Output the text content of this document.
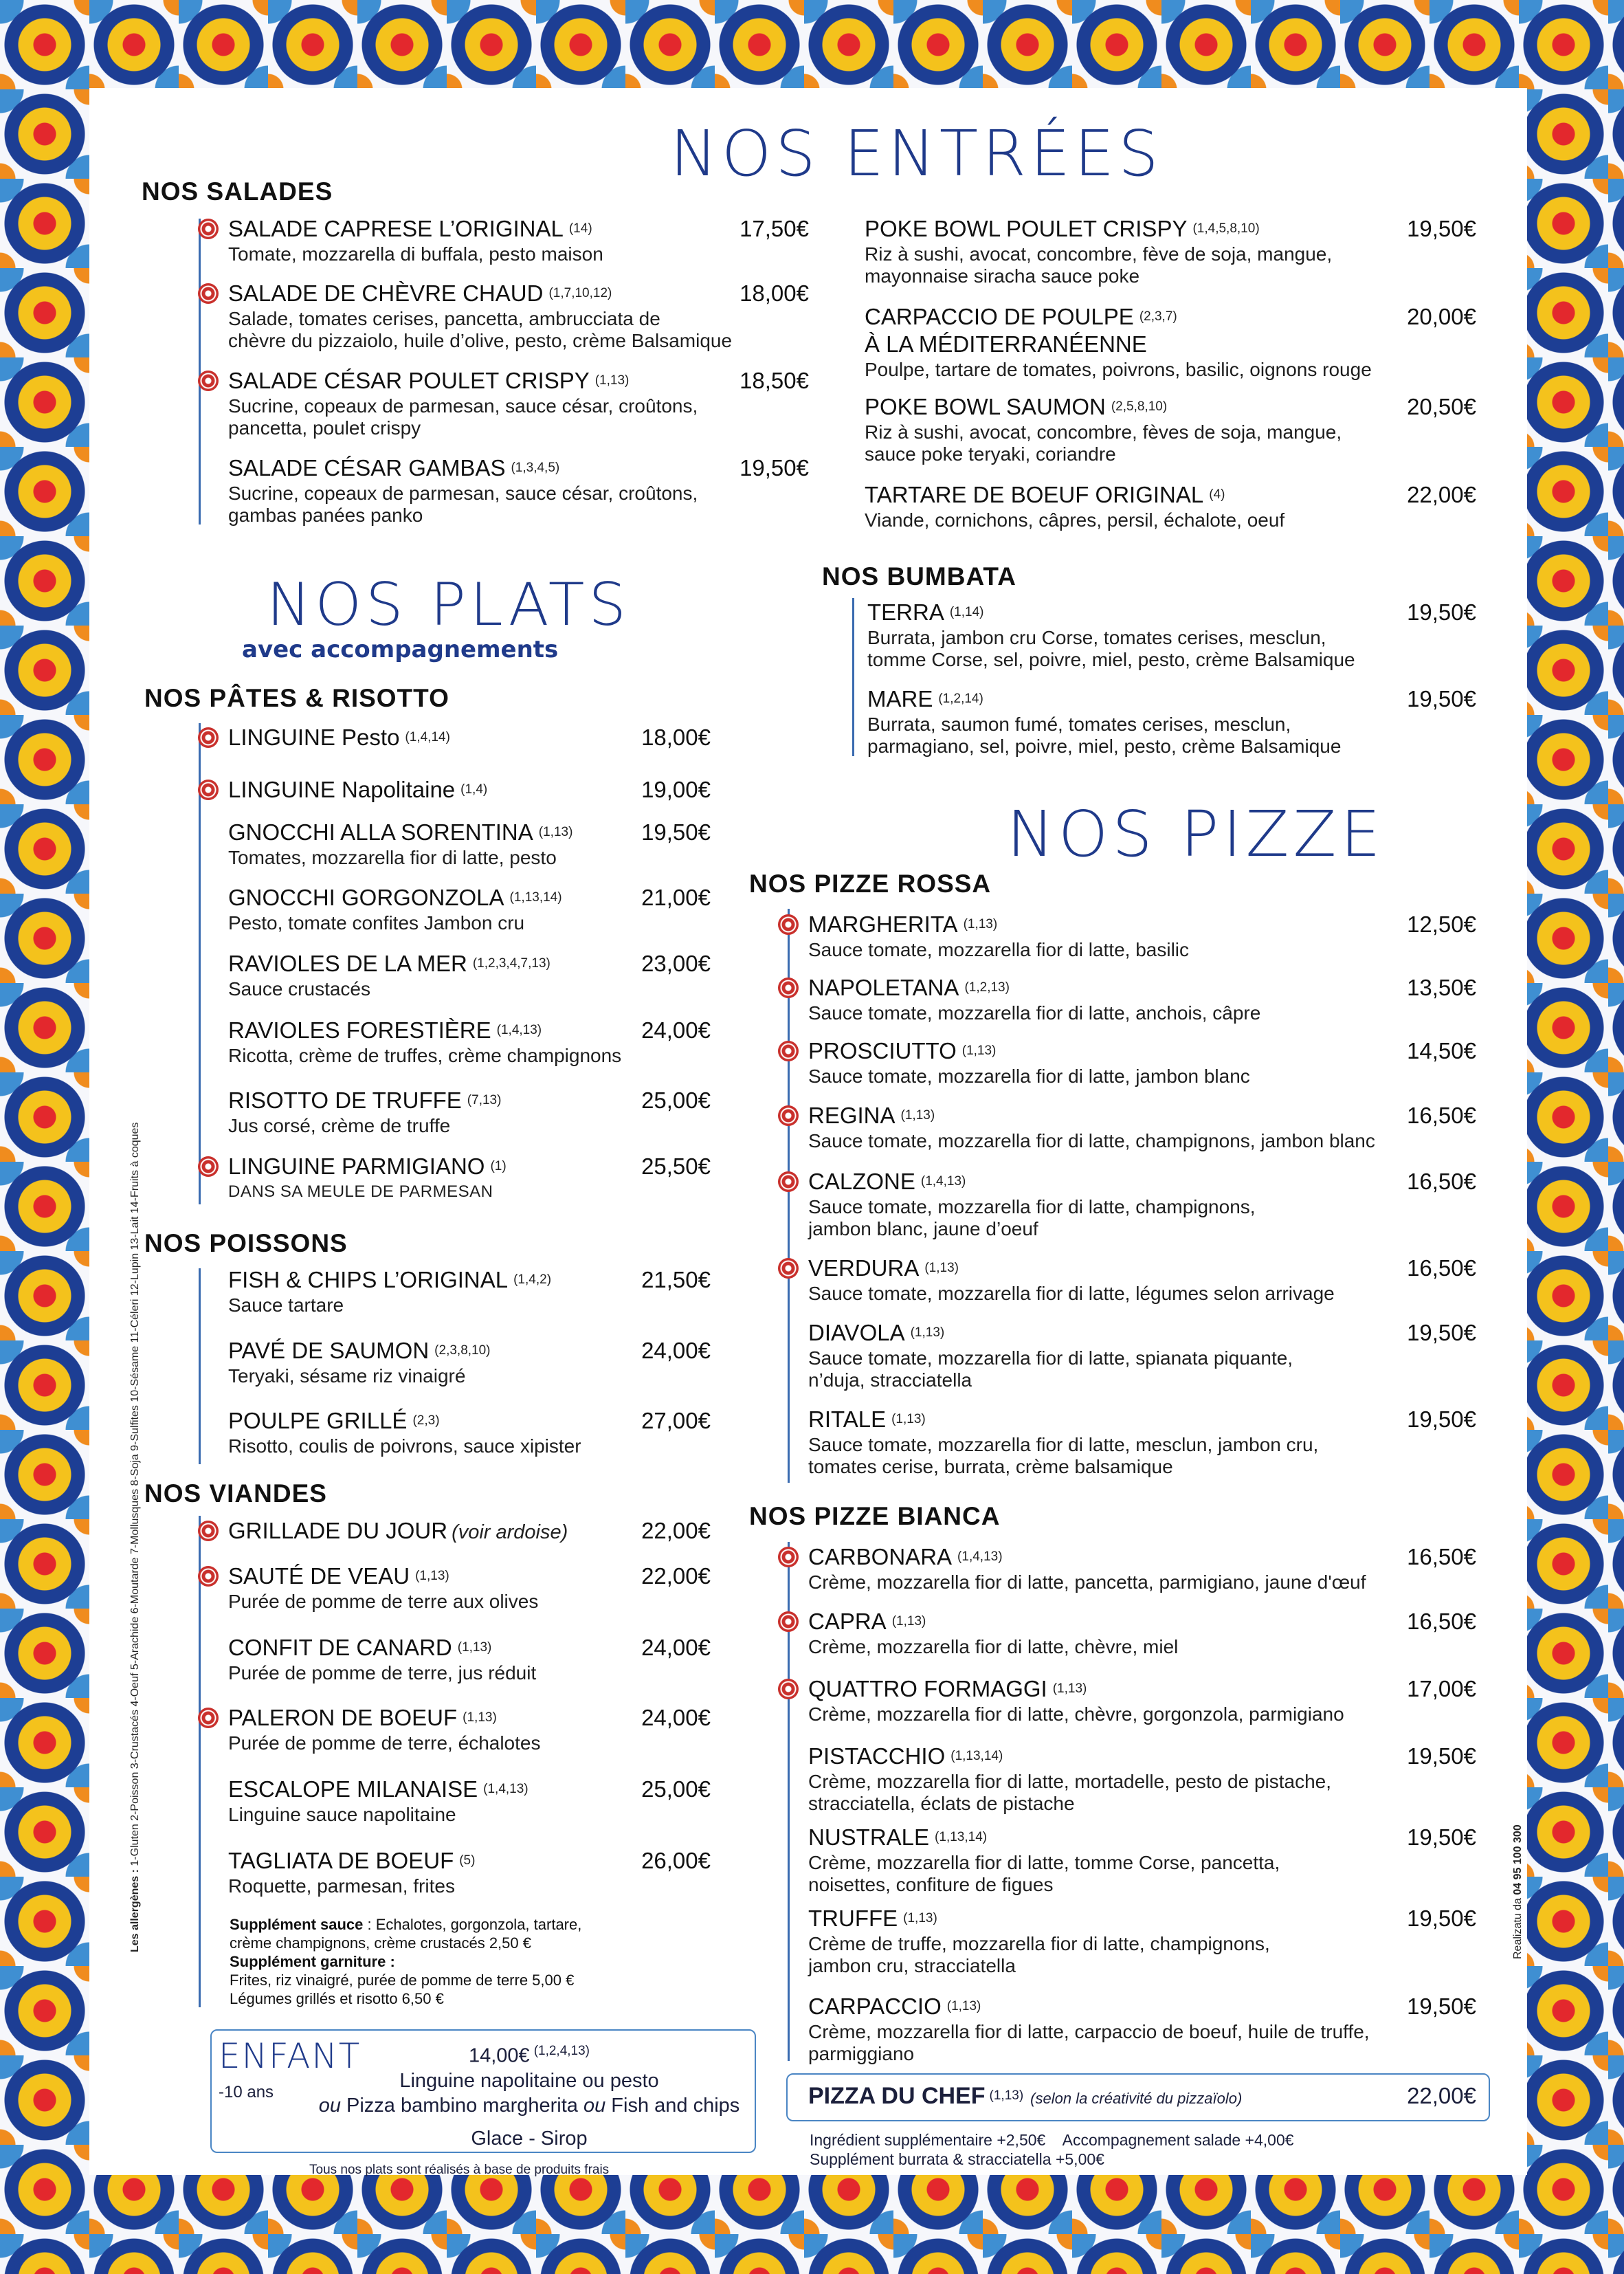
NOS ENTRÉES
NOS PLATS
avec accompagnements
NOS PIZZE
NOS SALADES
NOS BUMBATA
NOS PÂTES & RISOTTO
NOS POISSONS
NOS VIANDES
NOS PIZZE ROSSA
NOS PIZZE BIANCA
SALADE CAPRESE L’ORIGINAL (14)	17,50€
Tomate, mozzarella di buffala, pesto maison
SALADE DE CHÈVRE CHAUD (1,7,10,12)	18,00€
Salade, tomates cerises, pancetta, ambrucciata de
chèvre du pizzaiolo, huile d’olive, pesto, crème Balsamique
SALADE CÉSAR POULET CRISPY (1,13)	18,50€
Sucrine, copeaux de parmesan, sauce césar, croûtons,
pancetta, poulet crispy
SALADE CÉSAR GAMBAS (1,3,4,5)	19,50€
Sucrine, copeaux de parmesan, sauce césar, croûtons,
gambas panées panko
POKE BOWL POULET CRISPY (1,4,5,8,10)	19,50€
Riz à sushi, avocat, concombre, fève de soja, mangue,
mayonnaise siracha sauce poke
CARPACCIO DE POULPE (2,3,7)	20,00€
À LA MÉDITERRANÉENNE
Poulpe, tartare de tomates, poivrons, basilic, oignons rouge
POKE BOWL SAUMON (2,5,8,10)	20,50€
Riz à sushi, avocat, concombre, fèves de soja, mangue,
sauce poke teryaki, coriandre
TARTARE DE BOEUF ORIGINAL (4)	22,00€
Viande, cornichons, câpres, persil, échalote, oeuf
TERRA (1,14)	19,50€
Burrata, jambon cru Corse, tomates cerises, mesclun,
tomme Corse, sel, poivre, miel, pesto, crème Balsamique
MARE (1,2,14)	19,50€
Burrata, saumon fumé, tomates cerises, mesclun,
parmagiano, sel, poivre, miel, pesto, crème Balsamique
LINGUINE Pesto (1,4,14)	18,00€
LINGUINE Napolitaine (1,4)	19,00€
GNOCCHI ALLA SORENTINA (1,13)	19,50€
Tomates, mozzarella fior di latte, pesto
GNOCCHI GORGONZOLA (1,13,14)	21,00€
Pesto, tomate confites Jambon cru
RAVIOLES DE LA MER (1,2,3,4,7,13)	23,00€
Sauce crustacés
RAVIOLES FORESTIÈRE (1,4,13)	24,00€
Ricotta, crème de truffes, crème champignons
RISOTTO DE TRUFFE (7,13)	25,00€
Jus corsé, crème de truffe
LINGUINE PARMIGIANO (1)	25,50€
DANS SA MEULE DE PARMESAN
FISH & CHIPS L’ORIGINAL (1,4,2)	21,50€
Sauce tartare
PAVÉ DE SAUMON (2,3,8,10)	24,00€
Teryaki, sésame riz vinaigré
POULPE GRILLÉ (2,3)	27,00€
Risotto, coulis de poivrons, sauce xipister
GRILLADE DU JOUR (voir ardoise)	22,00€
SAUTÉ DE VEAU (1,13)	22,00€
Purée de pomme de terre aux olives
CONFIT DE CANARD (1,13)	24,00€
Purée de pomme de terre, jus réduit
PALERON DE BOEUF (1,13)	24,00€
Purée de pomme de terre, échalotes
ESCALOPE MILANAISE (1,4,13)	25,00€
Linguine sauce napolitaine
TAGLIATA DE BOEUF (5)	26,00€
Roquette, parmesan, frites
Supplément sauce : Echalotes, gorgonzola, tartare,
crème champignons, crème crustacés 2,50 €
Supplément garniture :
Frites, riz vinaigré, purée de pomme de terre 5,00 €
Légumes grillés et risotto 6,50 €
ENFANT
-10 ans
14,00€ $^{(1,2,4,13)}$
Linguine napolitaine ou pesto
ou Pizza bambino margherita ou Fish and chips
Glace - Sirop
Tous nos plats sont réalisés à base de produits frais
MARGHERITA (1,13)	12,50€
Sauce tomate, mozzarella fior di latte, basilic
NAPOLETANA (1,2,13)	13,50€
Sauce tomate, mozzarella fior di latte, anchois, câpre
PROSCIUTTO (1,13)	14,50€
Sauce tomate, mozzarella fior di latte, jambon blanc
REGINA (1,13)	16,50€
Sauce tomate, mozzarella fior di latte, champignons, jambon blanc
CALZONE (1,4,13)	16,50€
Sauce tomate, mozzarella fior di latte, champignons,
jambon blanc, jaune d’oeuf
VERDURA (1,13)	16,50€
Sauce tomate, mozzarella fior di latte, légumes selon arrivage
DIAVOLA (1,13)	19,50€
Sauce tomate, mozzarella fior di latte, spianata piquante,
n’duja, stracciatella
RITALE (1,13)	19,50€
Sauce tomate, mozzarella fior di latte, mesclun, jambon cru,
tomates cerise, burrata, crème balsamique
CARBONARA (1,4,13)	16,50€
Crème, mozzarella fior di latte, pancetta, parmigiano, jaune d'œuf
CAPRA (1,13)	16,50€
Crème, mozzarella fior di latte, chèvre, miel
QUATTRO FORMAGGI (1,13)	17,00€
Crème, mozzarella fior di latte, chèvre, gorgonzola, parmigiano
PISTACCHIO (1,13,14)	19,50€
Crème, mozzarella fior di latte, mortadelle, pesto de pistache,
stracciatella, éclats de pistache
NUSTRALE (1,13,14)	19,50€
Crème, mozzarella fior di latte, tomme Corse, pancetta,
noisettes, confiture de figues
TRUFFE (1,13)	19,50€
Crème de truffe, mozzarella fior di latte, champignons,
jambon cru, stracciatella
CARPACCIO (1,13)	19,50€
Crème, mozzarella fior di latte, carpaccio de boeuf, huile de truffe,
parmiggiano
PIZZA DU CHEF (1,13) (selon la créativité du pizzaïolo)	22,00€
Ingrédient supplémentaire +2,50€    Accompagnement salade +4,00€
Supplément burrata & stracciatella +5,00€
Les allergènes : 1-Gluten 2-Poisson 3-Crustacés 4-Oeuf 5-Arachide 6-Moutarde 7-Mollusques 8-Soja 9-Sulfites 10-Sésame 11-Céleri 12-Lupin 13-Lait 14-Fruits à coques
Realizatu da 04 95 100 300
